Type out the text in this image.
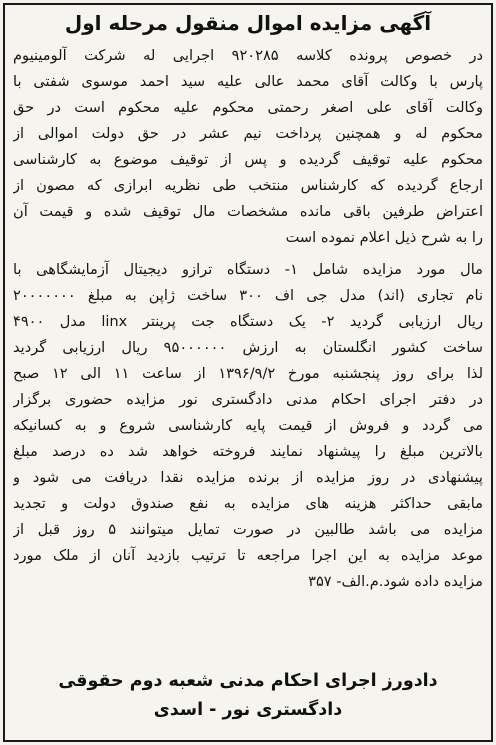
آگهی مزایده اموال منقول مرحله اول
در خصوص پرونده کلاسه ۹۲۰۲۸۵ اجرایی له شرکت آلومینیوم
پارس با وکالت آقای محمد عالی علیه سید احمد موسوی شفتی با
وکالت آقای علی اصغر رحمتی محکوم علیه محکوم است در حق
محکوم له و همچنین پرداخت نیم عشر در حق دولت اموالی از
محکوم علیه توقیف گردیده و پس از توقیف موضوع به کارشناسی
ارجاع گردیده که کارشناس منتخب طی نظریه ابرازی که مصون از
اعتراض طرفین باقی مانده مشخصات مال توقیف شده و قیمت آن
را به شرح ذیل اعلام نموده است
مال مورد مزایده شامل ۱- دستگاه ترازو دیجیتال آزمایشگاهی با
نام تجاری (اند) مدل جی اف ۳۰۰ ساخت ژاپن به مبلغ ۲۰۰۰۰۰۰۰
ریال ارزیابی گردید ۲- یک دستگاه جت پرینتر linx مدل ۴۹۰۰
ساخت کشور انگلستان به ارزش ۹۵۰۰۰۰۰۰ ریال ارزیابی گردید
لذا برای روز پنجشنبه مورخ ۱۳۹۶/۹/۲ از ساعت ۱۱ الی ۱۲ صبح
در دفتر اجرای احکام مدنی دادگستری نور مزایده حضوری برگزار
می گردد و فروش از قیمت پایه کارشناسی شروع و به کسانیکه
بالاترین مبلغ را پیشنهاد نمایند فروخته خواهد شد ده درصد مبلغ
پیشنهادی در روز مزایده از برنده مزایده نقدا دریافت می شود و
مابقی حداکثر هزینه های مزایده به نفع صندوق دولت و تجدید
مزایده می باشد طالبین در صورت تمایل میتوانند ۵ روز قبل از
موعد مزایده به این اجرا مراجعه تا ترتیب بازدید آنان از ملک مورد
مزایده داده شود.م.الف- ۳۵۷
دادورز اجرای احکام مدنی شعبه دوم حقوقی
دادگستری نور - اسدی
